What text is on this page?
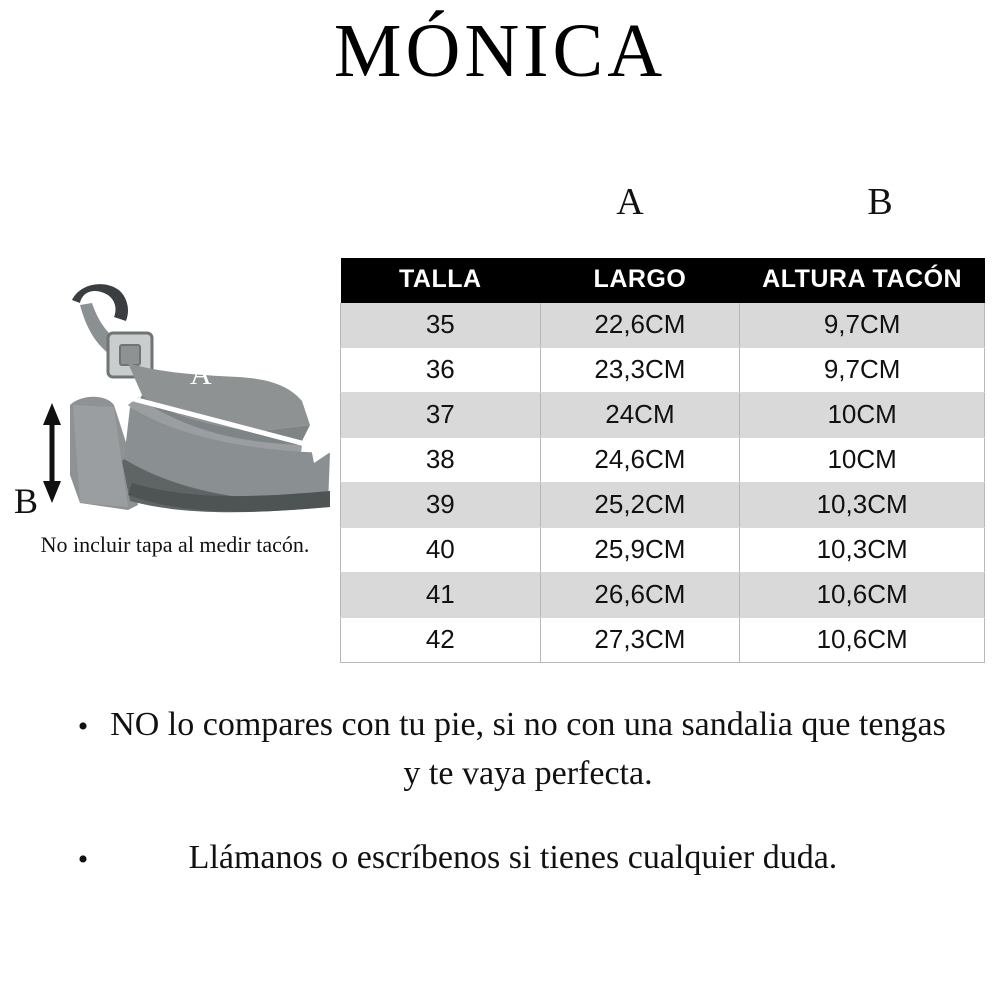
MÓNICA
A	B
A
B
No incluir tapa al medir tacón.
TALLA	LARGO	ALTURA TACÓN
35	22,6CM	9,7CM
36	23,3CM	9,7CM
37	24CM	10CM
38	24,6CM	10CM
39	25,2CM	10,3CM
40	25,9CM	10,3CM
41	26,6CM	10,6CM
42	27,3CM	10,6CM
• NO lo compares con tu pie, si no con una sandalia que tengas y te vaya perfecta.
•	Llámanos o escríbenos si tienes cualquier duda.
